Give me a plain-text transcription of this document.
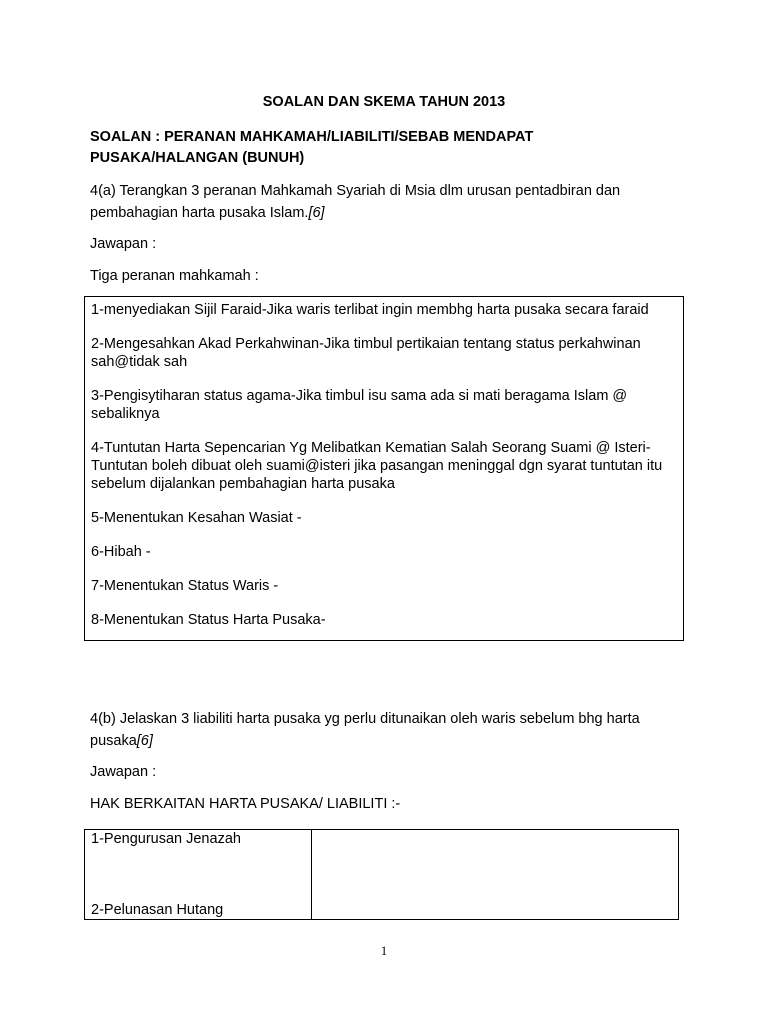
SOALAN DAN SKEMA TAHUN 2013

SOALAN : PERANAN MAHKAMAH/LIABILITI/SEBAB MENDAPAT
PUSAKA/HALANGAN (BUNUH)

4(a) Terangkan 3 peranan Mahkamah Syariah di Msia dlm urusan pentadbiran dan pembahagian harta pusaka Islam.[6]

Jawapan :

Tiga peranan mahkamah :

1-menyediakan Sijil Faraid-Jika waris terlibat ingin membhg harta pusaka secara faraid

2-Mengesahkan Akad Perkahwinan-Jika timbul pertikaian tentang status perkahwinan sah@tidak sah

3-Pengisytiharan status agama-Jika timbul isu sama ada si mati beragama Islam @ sebaliknya

4-Tuntutan Harta Sepencarian Yg Melibatkan Kematian Salah Seorang Suami @ Isteri-Tuntutan boleh dibuat oleh suami@isteri jika pasangan meninggal dgn syarat tuntutan itu sebelum dijalankan pembahagian harta pusaka

5-Menentukan Kesahan Wasiat -

6-Hibah -

7-Menentukan Status Waris -

8-Menentukan Status Harta Pusaka-

4(b) Jelaskan 3 liabiliti harta pusaka yg perlu ditunaikan oleh waris sebelum bhg harta pusaka[6]

Jawapan :

HAK BERKAITAN HARTA PUSAKA/ LIABILITI :-

1-Pengurusan Jenazah

2-Pelunasan Hutang

1
